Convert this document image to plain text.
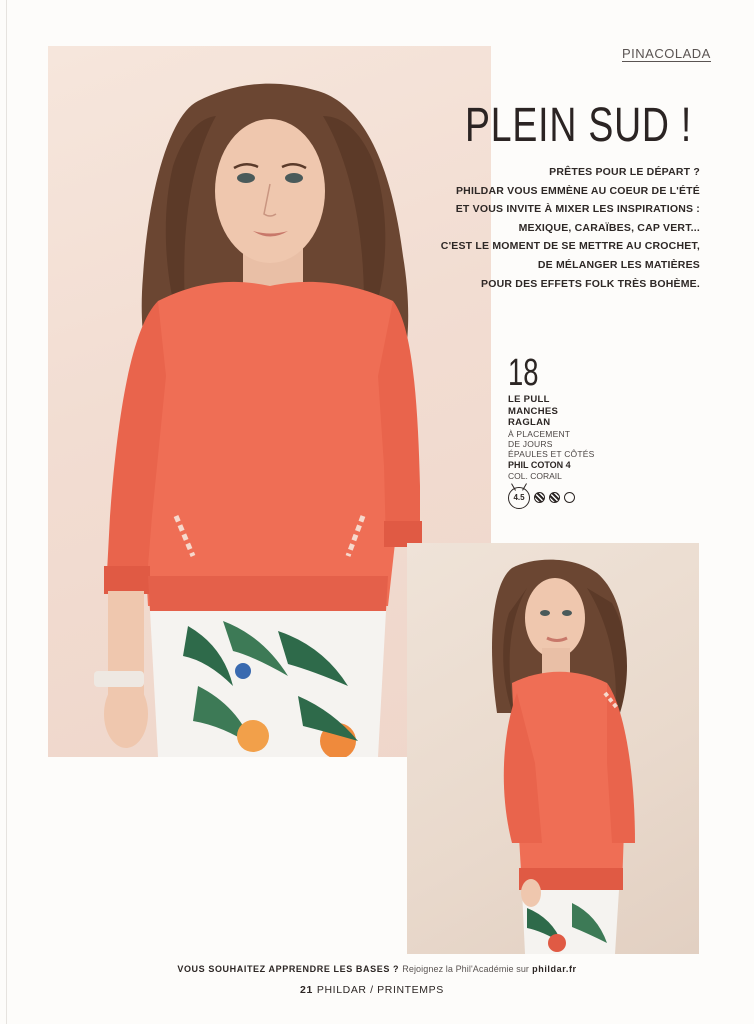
PINACOLADA
PLEIN SUD !
PRÊTES POUR LE DÉPART ?
PHILDAR VOUS EMMÈNE AU COEUR DE L'ÉTÉ
ET VOUS INVITE À MIXER LES INSPIRATIONS :
MEXIQUE, CARAÏBES, CAP VERT...
C'EST LE MOMENT DE SE METTRE AU CROCHET,
DE MÉLANGER LES MATIÈRES
POUR DES EFFETS FOLK TRÈS BOHÈME.
18
LE PULL
MANCHES
RAGLAN
À PLACEMENT
DE JOURS
ÉPAULES ET CÔTÉS
PHIL COTON 4
COL. CORAIL
4.5
VOUS SOUHAITEZ APPRENDRE LES BASES ? Rejoignez la Phil'Académie sur phildar.fr
21 PHILDAR / PRINTEMPS
